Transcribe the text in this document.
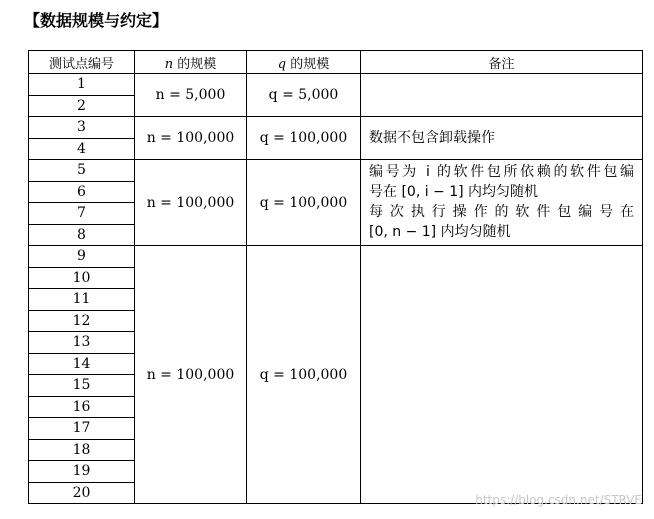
【数据规模与约定】
测试点编号	n 的规模	q 的规模	备注
1	n = 5,000	q = 5,000	
2			
3	n = 100,000	q = 100,000	数据不包含卸载操作
4			
5	n = 100,000	q = 100,000	编号为 i 的软件包所依赖的软件包编
号在 [0, i − 1] 内均匀随机
每次执行操作的软件包编号在
[0, n − 1] 内均匀随机

6			
7			
8			
9	n = 100,000	q = 100,000	
10			
11			
12			
13			
14			
15			
16			
17			
18			
19			
20				https://blog.csdn.net/STRVE
